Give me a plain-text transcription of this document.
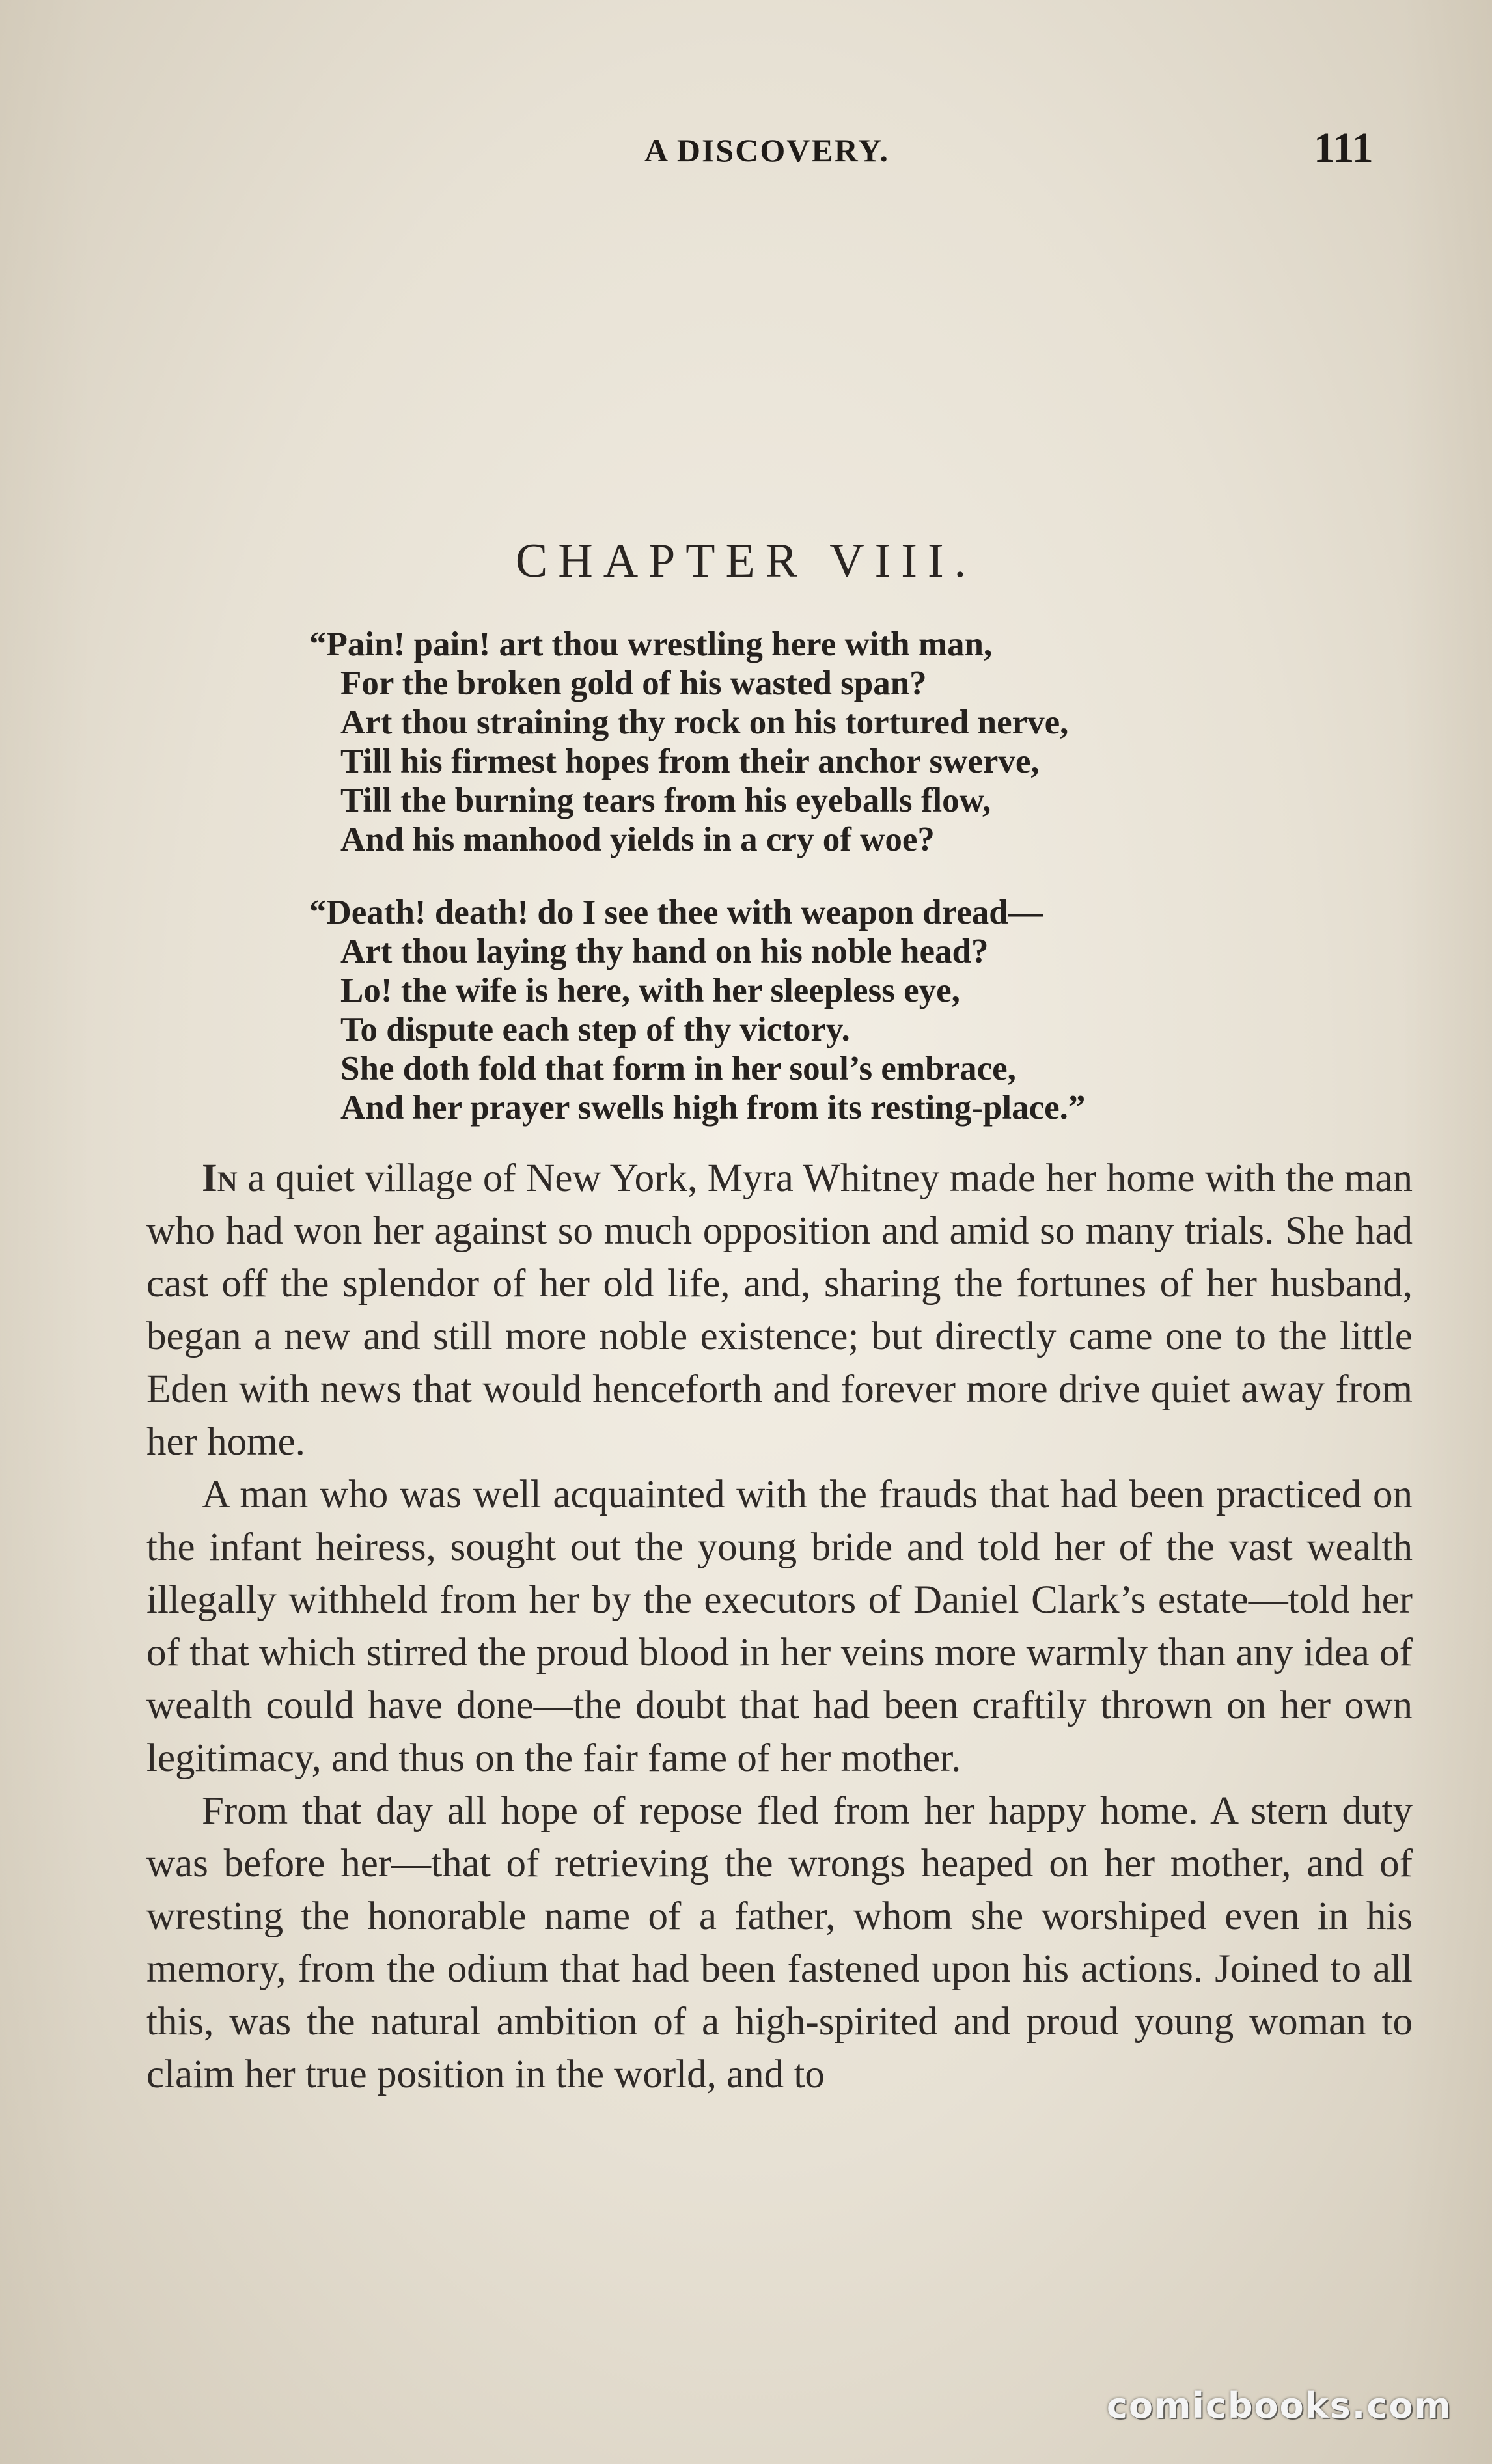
A DISCOVERY.	111
CHAPTER VIII.
“Pain! pain! art thou wrestling here with man,
For the broken gold of his wasted span?
Art thou straining thy rock on his tortured nerve,
Till his firmest hopes from their anchor swerve,
Till the burning tears from his eyeballs flow,
And his manhood yields in a cry of woe?
“Death! death! do I see thee with weapon dread—
Art thou laying thy hand on his noble head?
Lo! the wife is here, with her sleepless eye,
To dispute each step of thy victory.
She doth fold that form in her soul’s embrace,
And her prayer swells high from its resting-place.”

In a quiet village of New York, Myra Whitney made her home with the man who had won her against so much opposition and amid so many trials. She had cast off the splendor of her old life, and, sharing the fortunes of her husband, began a new and still more noble existence; but directly came one to the little Eden with news that would henceforth and forever more drive quiet away from her home.

A man who was well acquainted with the frauds that had been practiced on the infant heiress, sought out the young bride and told her of the vast wealth illegally withheld from her by the executors of Daniel Clark’s estate—told her of that which stirred the proud blood in her veins more warmly than any idea of wealth could have done—the doubt that had been craftily thrown on her own legitimacy, and thus on the fair fame of her mother.

From that day all hope of repose fled from her happy home. A stern duty was before her—that of retrieving the wrongs heaped on her mother, and of wresting the honorable name of a father, whom she worshiped even in his memory, from the odium that had been fastened upon his actions. Joined to all this, was the natural ambition of a high-spirited and proud young woman to claim her true position in the world, and to

comicbooks.com
